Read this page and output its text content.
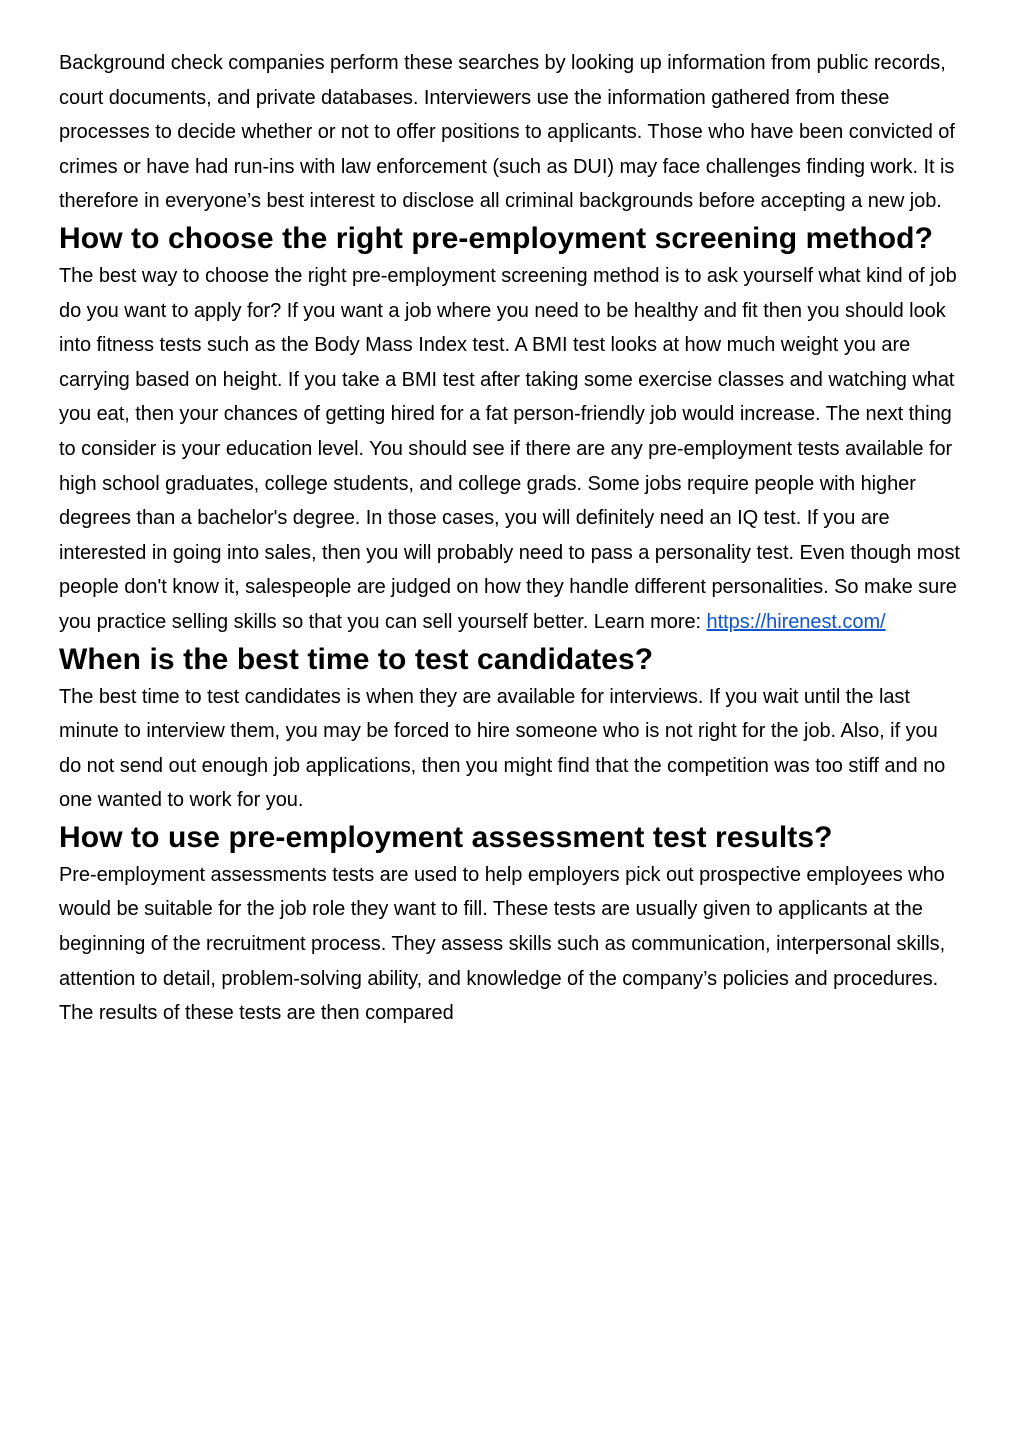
Background check companies perform these searches by looking up information from public records, court documents, and private databases. Interviewers use the information gathered from these processes to decide whether or not to offer positions to applicants. Those who have been convicted of crimes or have had run-ins with law enforcement (such as DUI) may face challenges finding work. It is therefore in everyone’s best interest to disclose all criminal backgrounds before accepting a new job.

How to choose the right pre-employment screening method?

The best way to choose the right pre-employment screening method is to ask yourself what kind of job do you want to apply for? If you want a job where you need to be healthy and fit then you should look into fitness tests such as the Body Mass Index test. A BMI test looks at how much weight you are carrying based on height. If you take a BMI test after taking some exercise classes and watching what you eat, then your chances of getting hired for a fat person-friendly job would increase. The next thing to consider is your education level. You should see if there are any pre-employment tests available for high school graduates, college students, and college grads. Some jobs require people with higher degrees than a bachelor's degree. In those cases, you will definitely need an IQ test. If you are interested in going into sales, then you will probably need to pass a personality test. Even though most people don't know it, salespeople are judged on how they handle different personalities. So make sure you practice selling skills so that you can sell yourself better. Learn more: https://hirenest.com/

When is the best time to test candidates?

The best time to test candidates is when they are available for interviews. If you wait until the last minute to interview them, you may be forced to hire someone who is not right for the job. Also, if you do not send out enough job applications, then you might find that the competition was too stiff and no one wanted to work for you.

How to use pre-employment assessment test results?

Pre-employment assessments tests are used to help employers pick out prospective employees who would be suitable for the job role they want to fill. These tests are usually given to applicants at the beginning of the recruitment process. They assess skills such as communication, interpersonal skills, attention to detail, problem-solving ability, and knowledge of the company’s policies and procedures. The results of these tests are then compared
